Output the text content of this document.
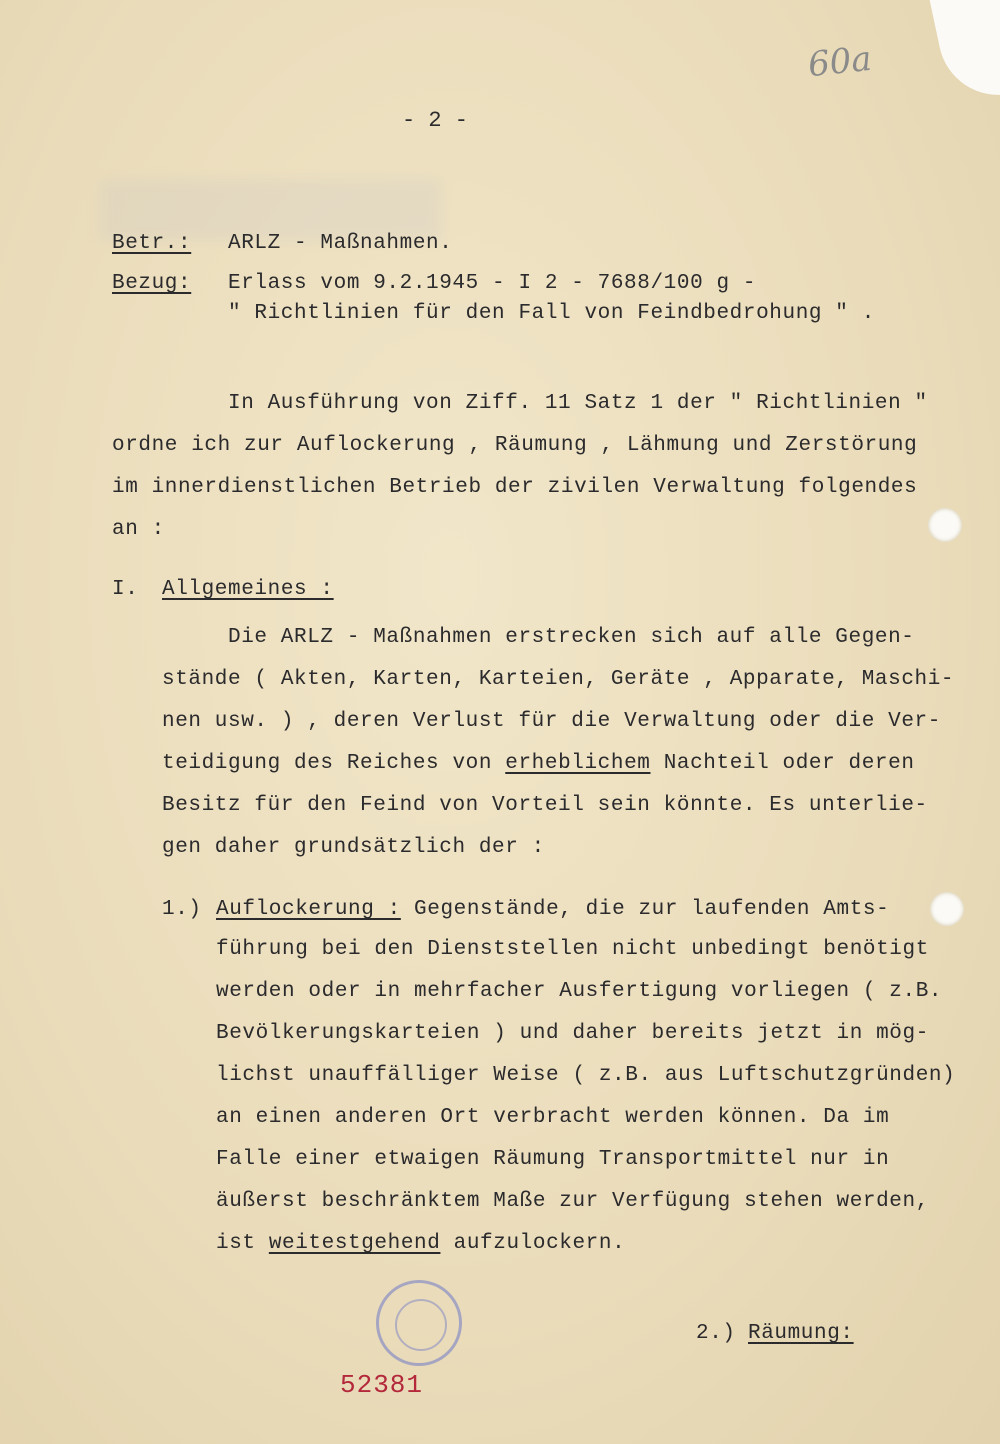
60a
- 2 -
Betr.: ARLZ - Maßnahmen.
Bezug: Erlass vom 9.2.1945 - I 2 - 7688/100 g -
" Richtlinien für den Fall von Feindbedrohung " .
In Ausführung von Ziff. 11 Satz 1 der " Richtlinien "
ordne ich zur Auflockerung , Räumung , Lähmung und Zerstörung
im innerdienstlichen Betrieb der zivilen Verwaltung folgendes
an :
I. Allgemeines :
Die ARLZ - Maßnahmen erstrecken sich auf alle Gegen-
stände ( Akten, Karten, Karteien, Geräte , Apparate, Maschi-
nen usw. ) , deren Verlust für die Verwaltung oder die Ver-
teidigung des Reiches von erheblichem Nachteil oder deren
Besitz für den Feind von Vorteil sein könnte. Es unterlie-
gen daher grundsätzlich der :
1.) Auflockerung : Gegenstände, die zur laufenden Amts-
führung bei den Dienststellen nicht unbedingt benötigt
werden oder in mehrfacher Ausfertigung vorliegen ( z.B.
Bevölkerungskarteien ) und daher bereits jetzt in mög-
lichst unauffälliger Weise ( z.B. aus Luftschutzgründen)
an einen anderen Ort verbracht werden können. Da im
Falle einer etwaigen Räumung Transportmittel nur in
äußerst beschränktem Maße zur Verfügung stehen werden,
ist weitestgehend aufzulockern.
2.) Räumung:
52381
